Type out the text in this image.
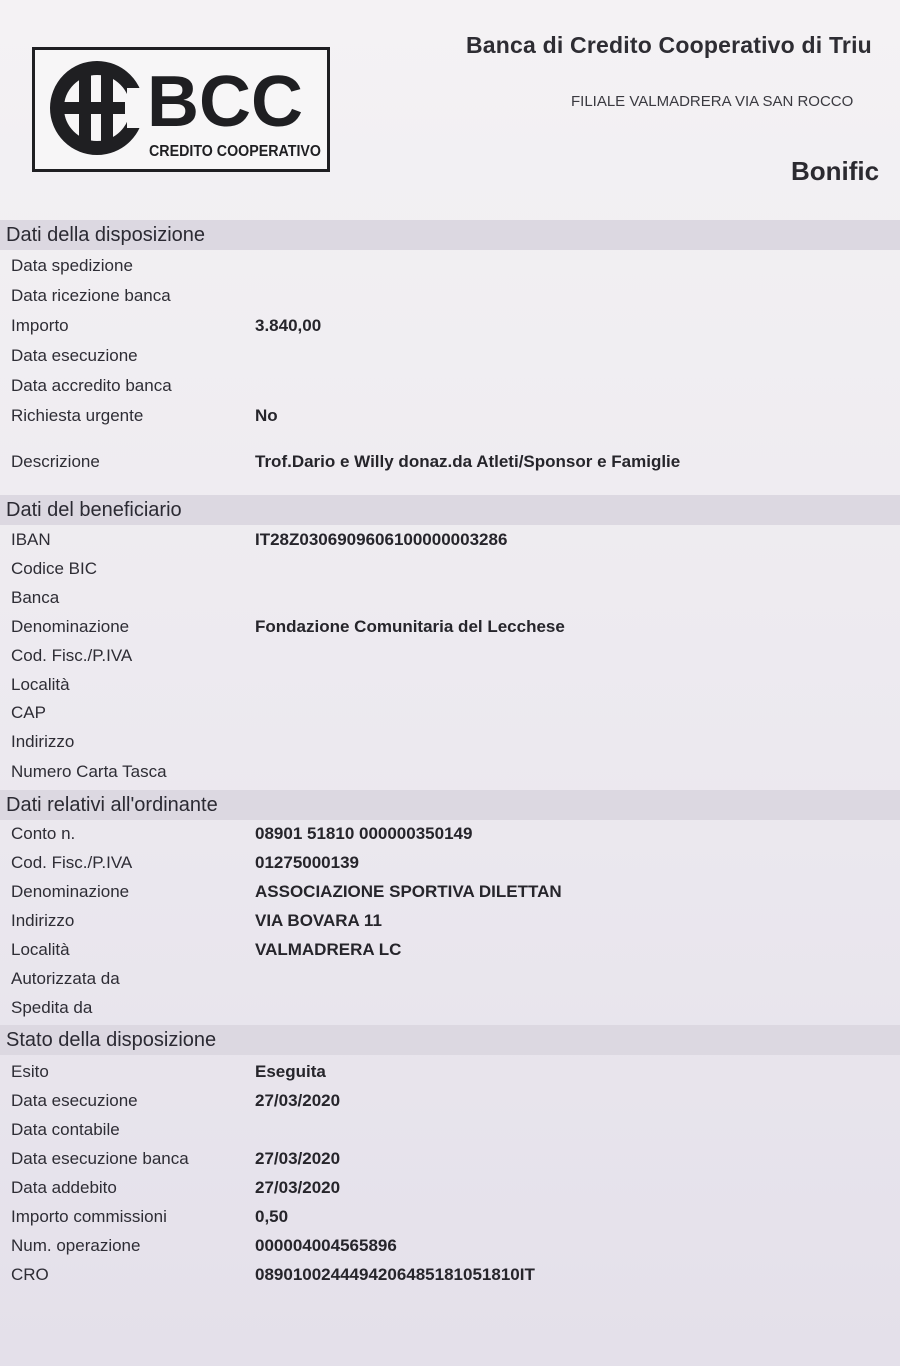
BCC
CREDITO COOPERATIVO
Banca di Credito Cooperativo di Triu
FILIALE VALMADRERA VIA SAN ROCCO
Bonific
Dati della disposizione
Data spedizione
Data ricezione banca
Importo	3.840,00
Data esecuzione
Data accredito banca
Richiesta urgente	No
Descrizione	Trof.Dario e Willy donaz.da Atleti/Sponsor e Famiglie
Dati del beneficiario
IBAN	IT28Z0306909606100000003286
Codice BIC
Banca
Denominazione	Fondazione Comunitaria del Lecchese
Cod. Fisc./P.IVA
Località
CAP
Indirizzo
Numero Carta Tasca
Dati relativi all'ordinante
Conto n.	08901 51810 000000350149
Cod. Fisc./P.IVA	01275000139
Denominazione	ASSOCIAZIONE SPORTIVA DILETTAN
Indirizzo	VIA BOVARA 11
Località	VALMADRERA LC
Autorizzata da
Spedita da
Stato della disposizione
Esito	Eseguita
Data esecuzione	27/03/2020
Data contabile
Data esecuzione banca	27/03/2020
Data addebito	27/03/2020
Importo commissioni	0,50
Num. operazione	000004004565896
CRO	0890100244494206485181051810IT
